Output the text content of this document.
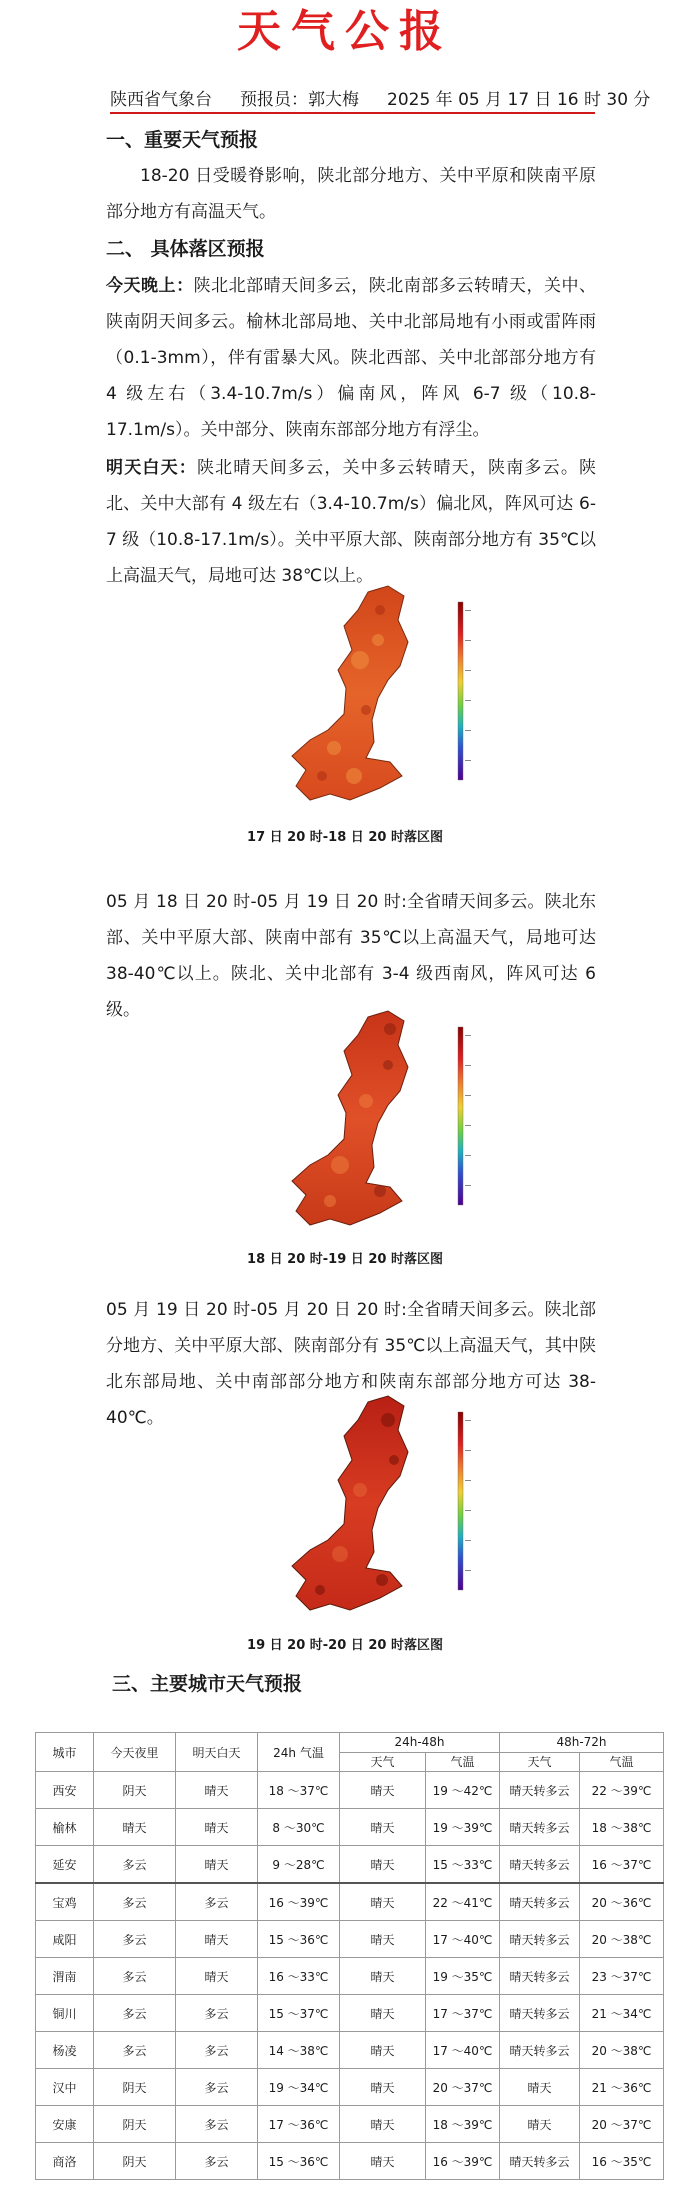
天气公报
陕西省气象台 预报员：郭大梅 2025 年 05 月 17 日 16 时 30 分
一、重要天气预报
18-20 日受暖脊影响，陕北部分地方、关中平原和陕南平原部分地方有高温天气。
二、 具体落区预报
今天晚上：陕北北部晴天间多云，陕北南部多云转晴天，关中、陕南阴天间多云。榆林北部局地、关中北部局地有小雨或雷阵雨（0.1-3mm），伴有雷暴大风。陕北西部、关中北部部分地方有 4 级左右（3.4-10.7m/s）偏南风，阵风 6-7 级（10.8-17.1m/s）。关中部分、陕南东部部分地方有浮尘。
明天白天：陕北晴天间多云，关中多云转晴天，陕南多云。陕北、关中大部有 4 级左右（3.4-10.7m/s）偏北风，阵风可达 6-7 级（10.8-17.1m/s）。关中平原大部、陕南部分地方有 35℃以上高温天气，局地可达 38℃以上。
17 日 20 时-18 日 20 时落区图
05 月 18 日 20 时-05 月 19 日 20 时:全省晴天间多云。陕北东部、关中平原大部、陕南中部有 35℃以上高温天气，局地可达 38-40℃以上。陕北、关中北部有 3-4 级西南风，阵风可达 6 级。
18 日 20 时-19 日 20 时落区图
05 月 19 日 20 时-05 月 20 日 20 时:全省晴天间多云。陕北部分地方、关中平原大部、陕南部分有 35℃以上高温天气，其中陕北东部局地、关中南部部分地方和陕南东部部分地方可达 38-40℃。
19 日 20 时-20 日 20 时落区图
三、主要城市天气预报
城市	今天夜里	明天白天	24h 气温	24h-48h		48h-72h	
				天气	气温	天气	气温
西安	阴天	晴天	18 ～37℃	晴天	19 ～42℃	晴天转多云	22 ～39℃
榆林	晴天	晴天	8 ～30℃	晴天	19 ～39℃	晴天转多云	18 ～38℃
延安	多云	晴天	9 ～28℃	晴天	15 ～33℃	晴天转多云	16 ～37℃
宝鸡	多云	多云	16 ～39℃	晴天	22 ～41℃	晴天转多云	20 ～36℃
咸阳	多云	晴天	15 ～36℃	晴天	17 ～40℃	晴天转多云	20 ～38℃
渭南	多云	晴天	16 ～33℃	晴天	19 ～35℃	晴天转多云	23 ～37℃
铜川	多云	多云	15 ～37℃	晴天	17 ～37℃	晴天转多云	21 ～34℃
杨凌	多云	多云	14 ～38℃	晴天	17 ～40℃	晴天转多云	20 ～38℃
汉中	阴天	多云	19 ～34℃	晴天	20 ～37℃	晴天	21 ～36℃
安康	阴天	多云	17 ～36℃	晴天	18 ～39℃	晴天	20 ～37℃
商洛	阴天	多云	15 ～36℃	晴天	16 ～39℃	晴天转多云	16 ～35℃
